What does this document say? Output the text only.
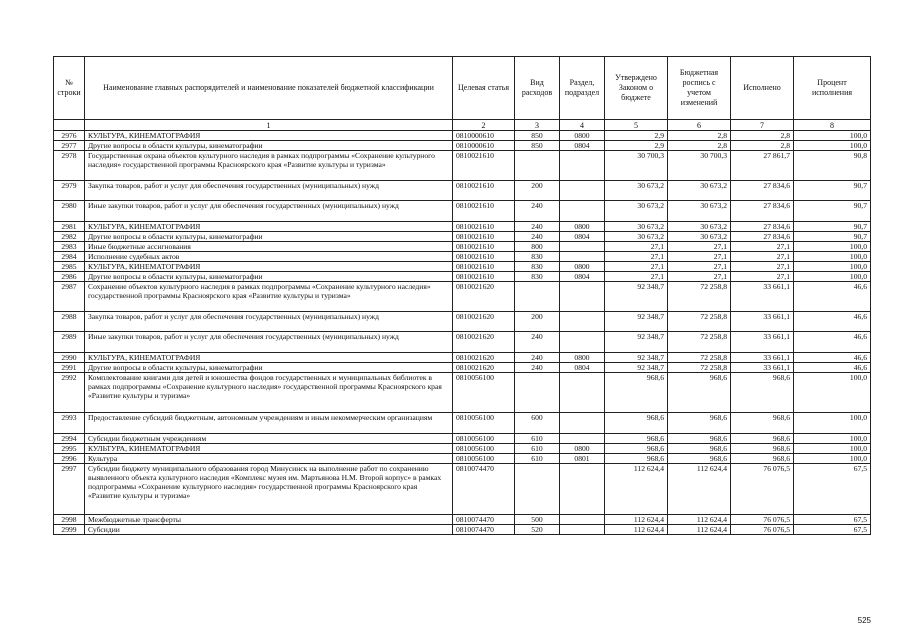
№ строки	Наименование главных распорядителей и наименование показателей бюджетной классификации	Целевая статья	Вид расходов	Раздел, подраздел	Утверждено Законом о бюджете	Бюджетная роспись с учетом изменений	Исполнено	Процент исполнения
	1	2	3	4	5	6	7	8
2976	КУЛЬТУРА, КИНЕМАТОГРАФИЯ	0810000610	850	0800	2,9	2,8	2,8	100,0
2977	Другие вопросы в области культуры, кинематографии	0810000610	850	0804	2,9	2,8	2,8	100,0
2978	Государственная охрана объектов культурного наследия в рамках подпрограммы «Сохранение культурного наследия» государственной программы Красноярского края «Развитие культуры и туризма»	0810021610			30 700,3	30 700,3	27 861,7	90,8
2979	Закупка товаров, работ и услуг для обеспечения государственных (муниципальных) нужд	0810021610	200		30 673,2	30 673,2	27 834,6	90,7
2980	Иные закупки товаров, работ и услуг для обеспечения государственных (муниципальных) нужд	0810021610	240		30 673,2	30 673,2	27 834,6	90,7
2981	КУЛЬТУРА, КИНЕМАТОГРАФИЯ	0810021610	240	0800	30 673,2	30 673,2	27 834,6	90,7
2982	Другие вопросы в области культуры, кинематографии	0810021610	240	0804	30 673,2	30 673,2	27 834,6	90,7
2983	Иные бюджетные ассигнования	0810021610	800		27,1	27,1	27,1	100,0
2984	Исполнение судебных актов	0810021610	830		27,1	27,1	27,1	100,0
2985	КУЛЬТУРА, КИНЕМАТОГРАФИЯ	0810021610	830	0800	27,1	27,1	27,1	100,0
2986	Другие вопросы в области культуры, кинематографии	0810021610	830	0804	27,1	27,1	27,1	100,0
2987	Сохранение объектов культурного наследия в рамках подпрограммы «Сохранение культурного наследия» государственной программы Красноярского края «Развитие культуры и туризма»	0810021620			92 348,7	72 258,8	33 661,1	46,6
2988	Закупка товаров, работ и услуг для обеспечения государственных (муниципальных) нужд	0810021620	200		92 348,7	72 258,8	33 661,1	46,6
2989	Иные закупки товаров, работ и услуг для обеспечения государственных (муниципальных) нужд	0810021620	240		92 348,7	72 258,8	33 661,1	46,6
2990	КУЛЬТУРА, КИНЕМАТОГРАФИЯ	0810021620	240	0800	92 348,7	72 258,8	33 661,1	46,6
2991	Другие вопросы в области культуры, кинематографии	0810021620	240	0804	92 348,7	72 258,8	33 661,1	46,6
2992	Комплектование книгами для детей и юношества фондов государственных и муниципальных библиотек в рамках подпрограммы «Сохранение культурного наследия» государственной программы Красноярского края «Развитие культуры и туризма»	0810056100			968,6	968,6	968,6	100,0
2993	Предоставление субсидий бюджетным, автономным учреждениям и иным некоммерческим организациям	0810056100	600		968,6	968,6	968,6	100,0
2994	Субсидии бюджетным учреждениям	0810056100	610		968,6	968,6	968,6	100,0
2995	КУЛЬТУРА, КИНЕМАТОГРАФИЯ	0810056100	610	0800	968,6	968,6	968,6	100,0
2996	Культура	0810056100	610	0801	968,6	968,6	968,6	100,0
2997	Субсидии бюджету муниципального образования город Минусинск на выполнение работ по сохранению выявленного объекта культурного наследия «Комплекс музея им. Мартьянова Н.М. Второй корпус» в рамках подпрограммы «Сохранение культурного наследия» государственной программы Красноярского края «Развитие культуры и туризма»	0810074470			112 624,4	112 624,4	76 076,5	67,5
2998	Межбюджетные трансферты	0810074470	500		112 624,4	112 624,4	76 076,5	67,5
2999	Субсидии	0810074470	520		112 624,4	112 624,4	76 076,5	67,5
525
